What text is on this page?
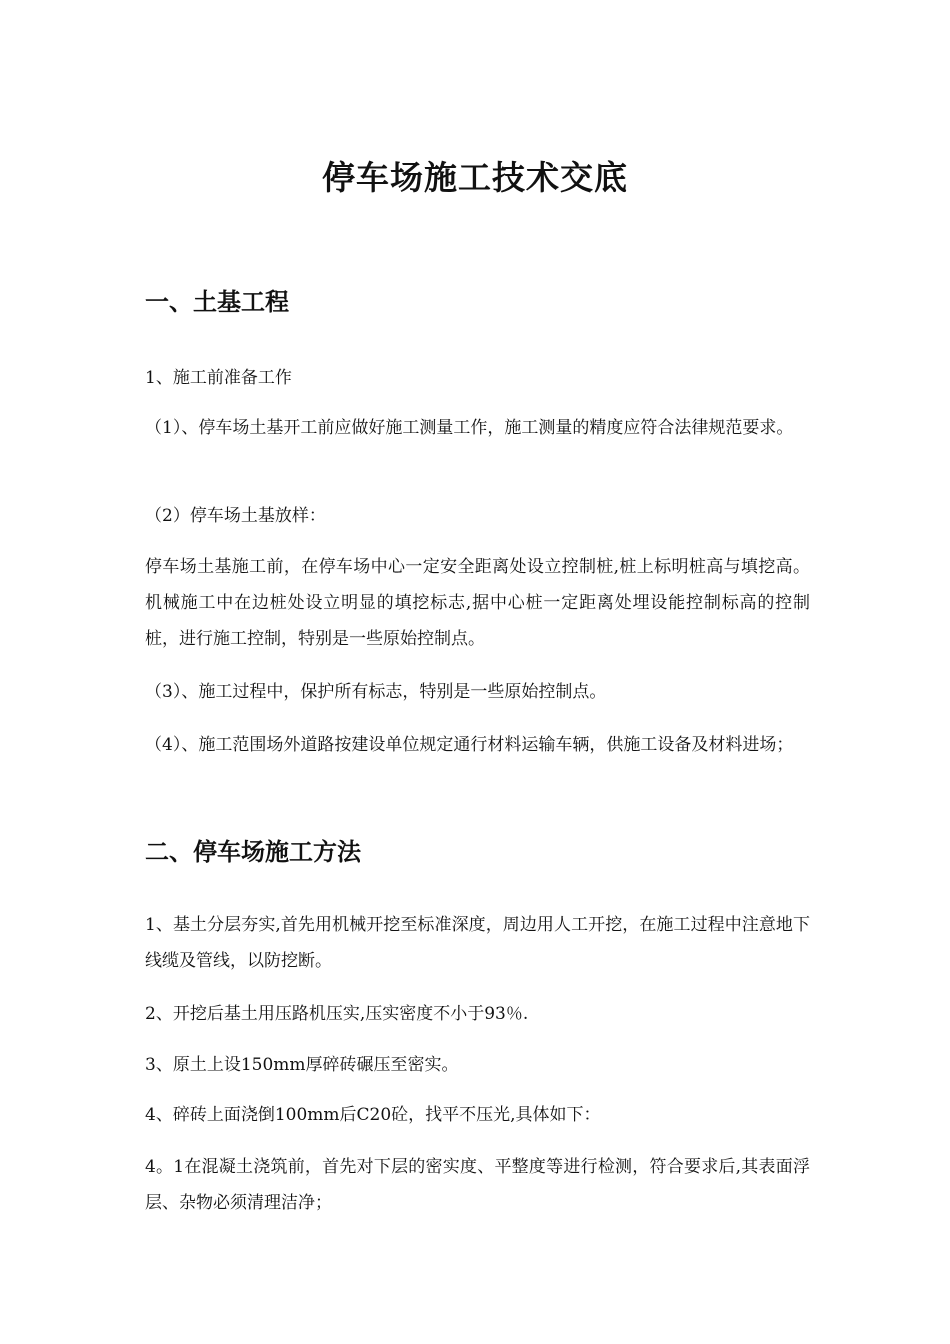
停车场施工技术交底
一、土基工程
1、施工前准备工作
（1）、停车场土基开工前应做好施工测量工作，施工测量的精度应符合法律规范要求。
（2）停车场土基放样：
停车场土基施工前，在停车场中心一定安全距离处设立控制桩,桩上标明桩高与填挖高。机械施工中在边桩处设立明显的填挖标志,据中心桩一定距离处埋设能控制标高的控制桩，进行施工控制，特别是一些原始控制点。
（3）、施工过程中，保护所有标志，特别是一些原始控制点。
（4）、施工范围场外道路按建设单位规定通行材料运输车辆，供施工设备及材料进场；
二、停车场施工方法
1、基土分层夯实,首先用机械开挖至标准深度，周边用人工开挖，在施工过程中注意地下线缆及管线，以防挖断。
2、开挖后基土用压路机压实,压实密度不小于93％.
3、原土上设150mm厚碎砖碾压至密实。
4、碎砖上面浇倒100mm后C20砼，找平不压光,具体如下：
4。1在混凝土浇筑前，首先对下层的密实度、平整度等进行检测，符合要求后,其表面浮层、杂物必须清理洁净；
